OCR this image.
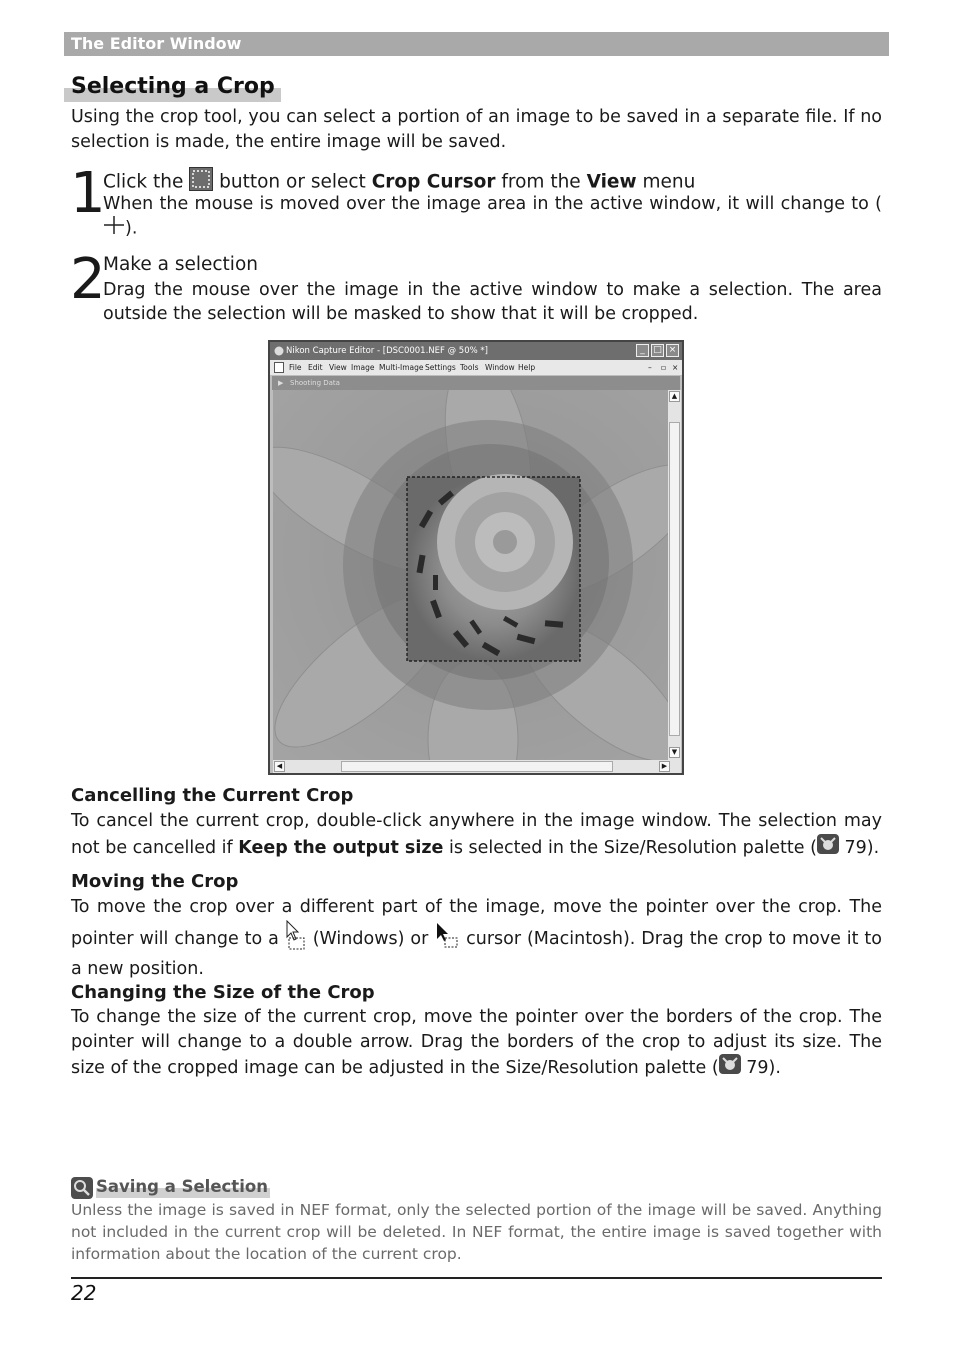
The Editor Window
Selecting a Crop
Using the crop tool, you can select a portion of an image to be saved in a separate file. If no selection is made, the entire image will be saved.
1
Click the button or select Crop Cursor from the View menu
When the mouse is moved over the image area in the active window, it will change to ().
2
Make a selection
Drag the mouse over the image in the active window to make a selection. The area outside the selection will be masked to show that it will be cropped.
Nikon Capture Editor - [DSC0001.NEF @ 50% *]	_ □ ×
File Edit View Image Multi-Image Settings Tools Window Help	– ▫ ×
▶ Shooting Data
▲
▼
◀	▶
Cancelling the Current Crop
To cancel the current crop, double-click anywhere in the image window. The selection may not be cancelled if Keep the output size is selected in the Size/Resolution palette ( 79).
Moving the Crop
To move the crop over a different part of the image, move the pointer over the crop. The pointer will change to a (Windows) or cursor (Macintosh). Drag the crop to move it to a new position.
Changing the Size of the Crop
To change the size of the current crop, move the pointer over the borders of the crop. The pointer will change to a double arrow. Drag the borders of the crop to adjust its size. The size of the cropped image can be adjusted in the Size/Resolution palette ( 79).
Saving a Selection
Unless the image is saved in NEF format, only the selected portion of the image will be saved. Anything not included in the current crop will be deleted. In NEF format, the entire image is saved together with information about the location of the current crop.
22
